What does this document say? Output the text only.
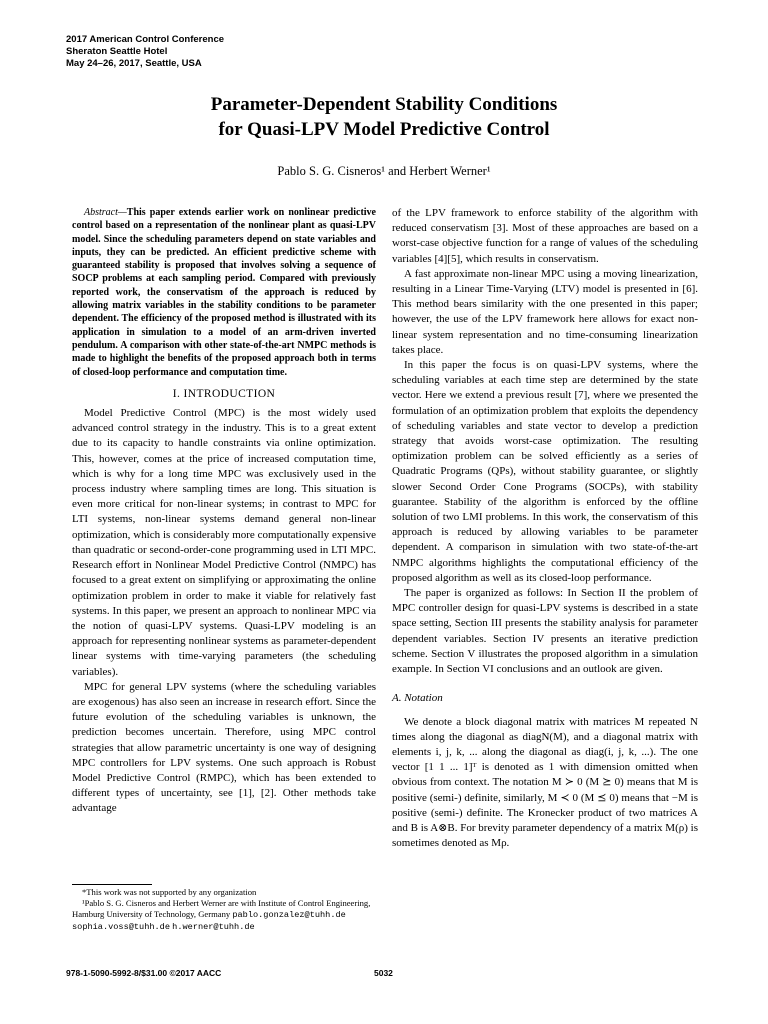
2017 American Control Conference
Sheraton Seattle Hotel
May 24–26, 2017, Seattle, USA
Parameter-Dependent Stability Conditions
for Quasi-LPV Model Predictive Control
Pablo S. G. Cisneros¹ and Herbert Werner¹
Abstract—This paper extends earlier work on nonlinear predictive control based on a representation of the nonlinear plant as quasi-LPV model. Since the scheduling parameters depend on state variables and inputs, they can be predicted. An efficient predictive scheme with guaranteed stability is proposed that involves solving a sequence of SOCP problems at each sampling period. Compared with previously reported work, the conservatism of the approach is reduced by allowing matrix variables in the stability conditions to be parameter dependent. The efficiency of the proposed method is illustrated with its application in simulation to a model of an arm-driven inverted pendulum. A comparison with other state-of-the-art NMPC methods is made to highlight the benefits of the proposed approach both in terms of closed-loop performance and computation time.
I. INTRODUCTION

Model Predictive Control (MPC) is the most widely used advanced control strategy in the industry. This is to a great extent due to its capacity to handle constraints via online optimization. This, however, comes at the price of increased computation time, which is why for a long time MPC was exclusively used in the process industry where sampling times are long. This situation is even more critical for non-linear systems; in contrast to MPC for LTI systems, non-linear systems demand general non-linear optimization, which is considerably more computationally expensive than quadratic or second-order-cone programming used in LTI MPC. Research effort in Nonlinear Model Predictive Control (NMPC) has focused to a great extent on simplifying or approximating the online optimization problem in order to make it viable for relatively fast systems. In this paper, we present an approach to nonlinear MPC via the notion of quasi-LPV systems. Quasi-LPV modeling is an approach for representing nonlinear systems as parameter-dependent linear systems with time-varying parameters (the scheduling variables).

MPC for general LPV systems (where the scheduling variables are exogenous) has also seen an increase in research effort. Since the future evolution of the scheduling variables is unknown, the prediction becomes uncertain. Therefore, using MPC control strategies that allow parametric uncertainty is one way of designing MPC controllers for LPV systems. One such approach is Robust Model Predictive Control (RMPC), which has been extended to different types of uncertainty, see [1], [2]. Other methods take advantage

of the LPV framework to enforce stability of the algorithm with reduced conservatism [3]. Most of these approaches are based on a worst-case objective function for a range of values of the scheduling variables [4][5], which results in conservatism.

A fast approximate non-linear MPC using a moving linearization, resulting in a Linear Time-Varying (LTV) model is presented in [6]. This method bears similarity with the one presented in this paper; however, the use of the LPV framework here allows for exact non-linear system representation and no time-consuming linearization takes place.

In this paper the focus is on quasi-LPV systems, where the scheduling variables at each time step are determined by the state vector. Here we extend a previous result [7], where we presented the formulation of an optimization problem that exploits the dependency of scheduling variables and state vector to develop a prediction strategy that avoids worst-case optimization. The resulting optimization problem can be solved efficiently as a series of Quadratic Programs (QPs), without stability guarantee, or slightly slower Second Order Cone Programs (SOCPs), with stability guarantee. Stability of the algorithm is enforced by the offline solution of two LMI problems. In this work, the conservatism of this approach is reduced by allowing variables to be parameter dependent. A comparison in simulation with two state-of-the-art NMPC algorithms highlights the computational efficiency of the proposed algorithm as well as its closed-loop performance.

The paper is organized as follows: In Section II the problem of MPC controller design for quasi-LPV systems is described in a state space setting, Section III presents the stability analysis for parameter dependent variables. Section IV presents an iterative prediction scheme. Section V illustrates the proposed algorithm in a simulation example. In Section VI conclusions and an outlook are given.

A. Notation

We denote a block diagonal matrix with matrices M repeated N times along the diagonal as diagN(M), and a diagonal matrix with elements i, j, k, ... along the diagonal as diag(i, j, k, ...). The one vector [1 1 ... 1]ᵀ is denoted as 1 with dimension omitted when obvious from context. The notation M ≻ 0 (M ⪰ 0) means that M is positive (semi-) definite, similarly, M ≺ 0 (M ⪯ 0) means that −M is positive (semi-) definite. The Kronecker product of two matrices A and B is A⊗B. For brevity parameter dependency of a matrix M(ρ) is sometimes denoted as Mρ.

*This work was not supported by any organization
¹Pablo S. G. Cisneros and Herbert Werner are with Institute of Control Engineering, Hamburg University of Technology, Germany pablo.gonzalez@tuhh.de sophia.voss@tuhh.de h.werner@tuhh.de
978-1-5090-5992-8/$31.00 ©2017 AACC	5032
